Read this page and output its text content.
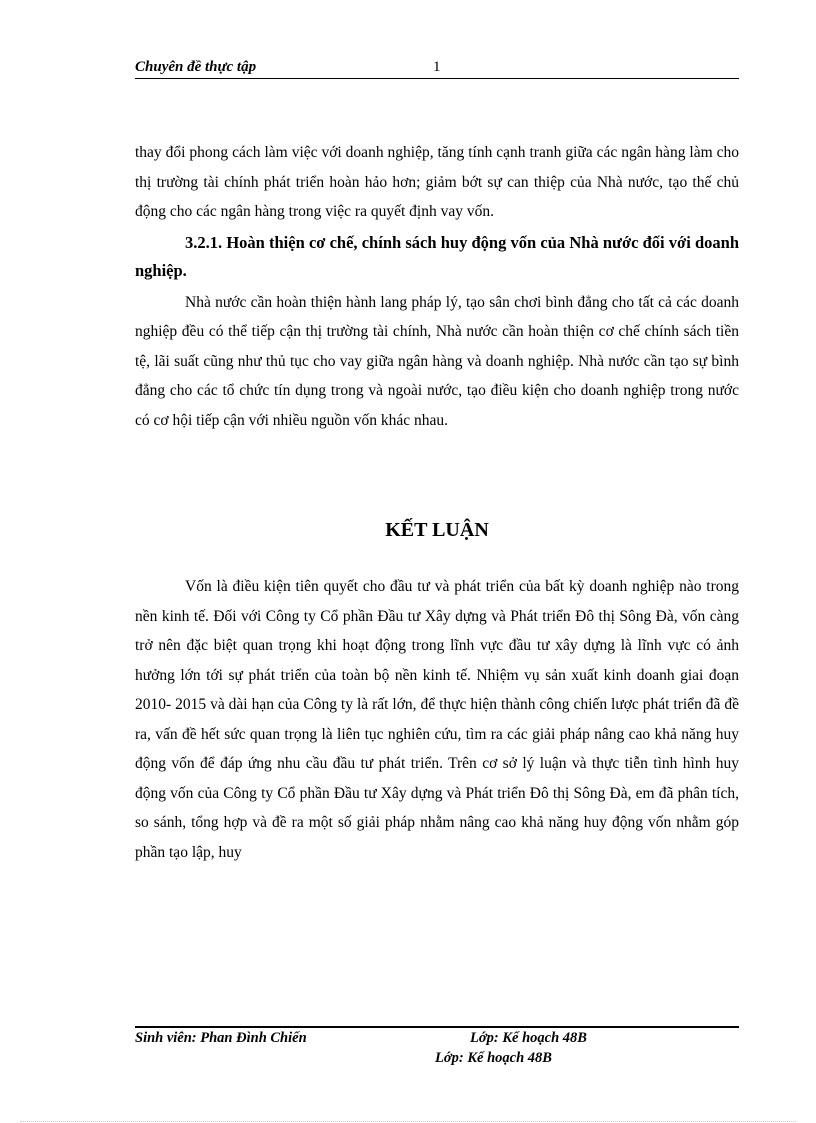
Chuyên đề thực tập	1

thay đổi phong cách làm việc với doanh nghiệp, tăng tính cạnh tranh giữa các ngân hàng làm cho thị trường tài chính phát triển hoàn hảo hơn; giảm bớt sự can thiệp của Nhà nước, tạo thế chủ động cho các ngân hàng trong việc ra quyết định vay vốn.

3.2.1. Hoàn thiện cơ chế, chính sách huy động vốn của Nhà nước đối với doanh nghiệp.

Nhà nước cần hoàn thiện hành lang pháp lý, tạo sân chơi bình đẳng cho tất cả các doanh nghiệp đều có thể tiếp cận thị trường tài chính, Nhà nước cần hoàn thiện cơ chế chính sách tiền tệ, lãi suất cũng như thủ tục cho vay giữa ngân hàng và doanh nghiệp. Nhà nước cần tạo sự bình đẳng cho các tổ chức tín dụng trong và ngoài nước, tạo điều kiện cho doanh nghiệp trong nước có cơ hội tiếp cận với nhiều nguồn vốn khác nhau.

KẾT LUẬN

Vốn là điều kiện tiên quyết cho đầu tư và phát triển của bất kỳ doanh nghiệp nào trong nền kinh tế. Đối với Công ty Cổ phần Đầu tư Xây dựng và Phát triển Đô thị Sông Đà, vốn càng trở nên đặc biệt quan trọng khi hoạt động trong lĩnh vực đầu tư xây dựng là lĩnh vực có ảnh hưởng lớn tới sự phát triển của toàn bộ nền kinh tế. Nhiệm vụ sản xuất kinh doanh giai đoạn 2010- 2015 và dài hạn của Công ty là rất lớn, để thực hiện thành công chiến lược phát triển đã đề ra, vấn đề hết sức quan trọng là liên tục nghiên cứu, tìm ra các giải pháp nâng cao khả năng huy động vốn để đáp ứng nhu cầu đầu tư phát triển. Trên cơ sở lý luận và thực tiễn tình hình huy động vốn của Công ty Cổ phần Đầu tư Xây dựng và Phát triển Đô thị Sông Đà, em đã phân tích, so sánh, tổng hợp và đề ra một số giải pháp nhằm nâng cao khả năng huy động vốn nhằm góp phần tạo lập, huy

Sinh viên: Phan Đình Chiến	Lớp: Kế hoạch 48B
Lớp: Kế hoạch 48B
